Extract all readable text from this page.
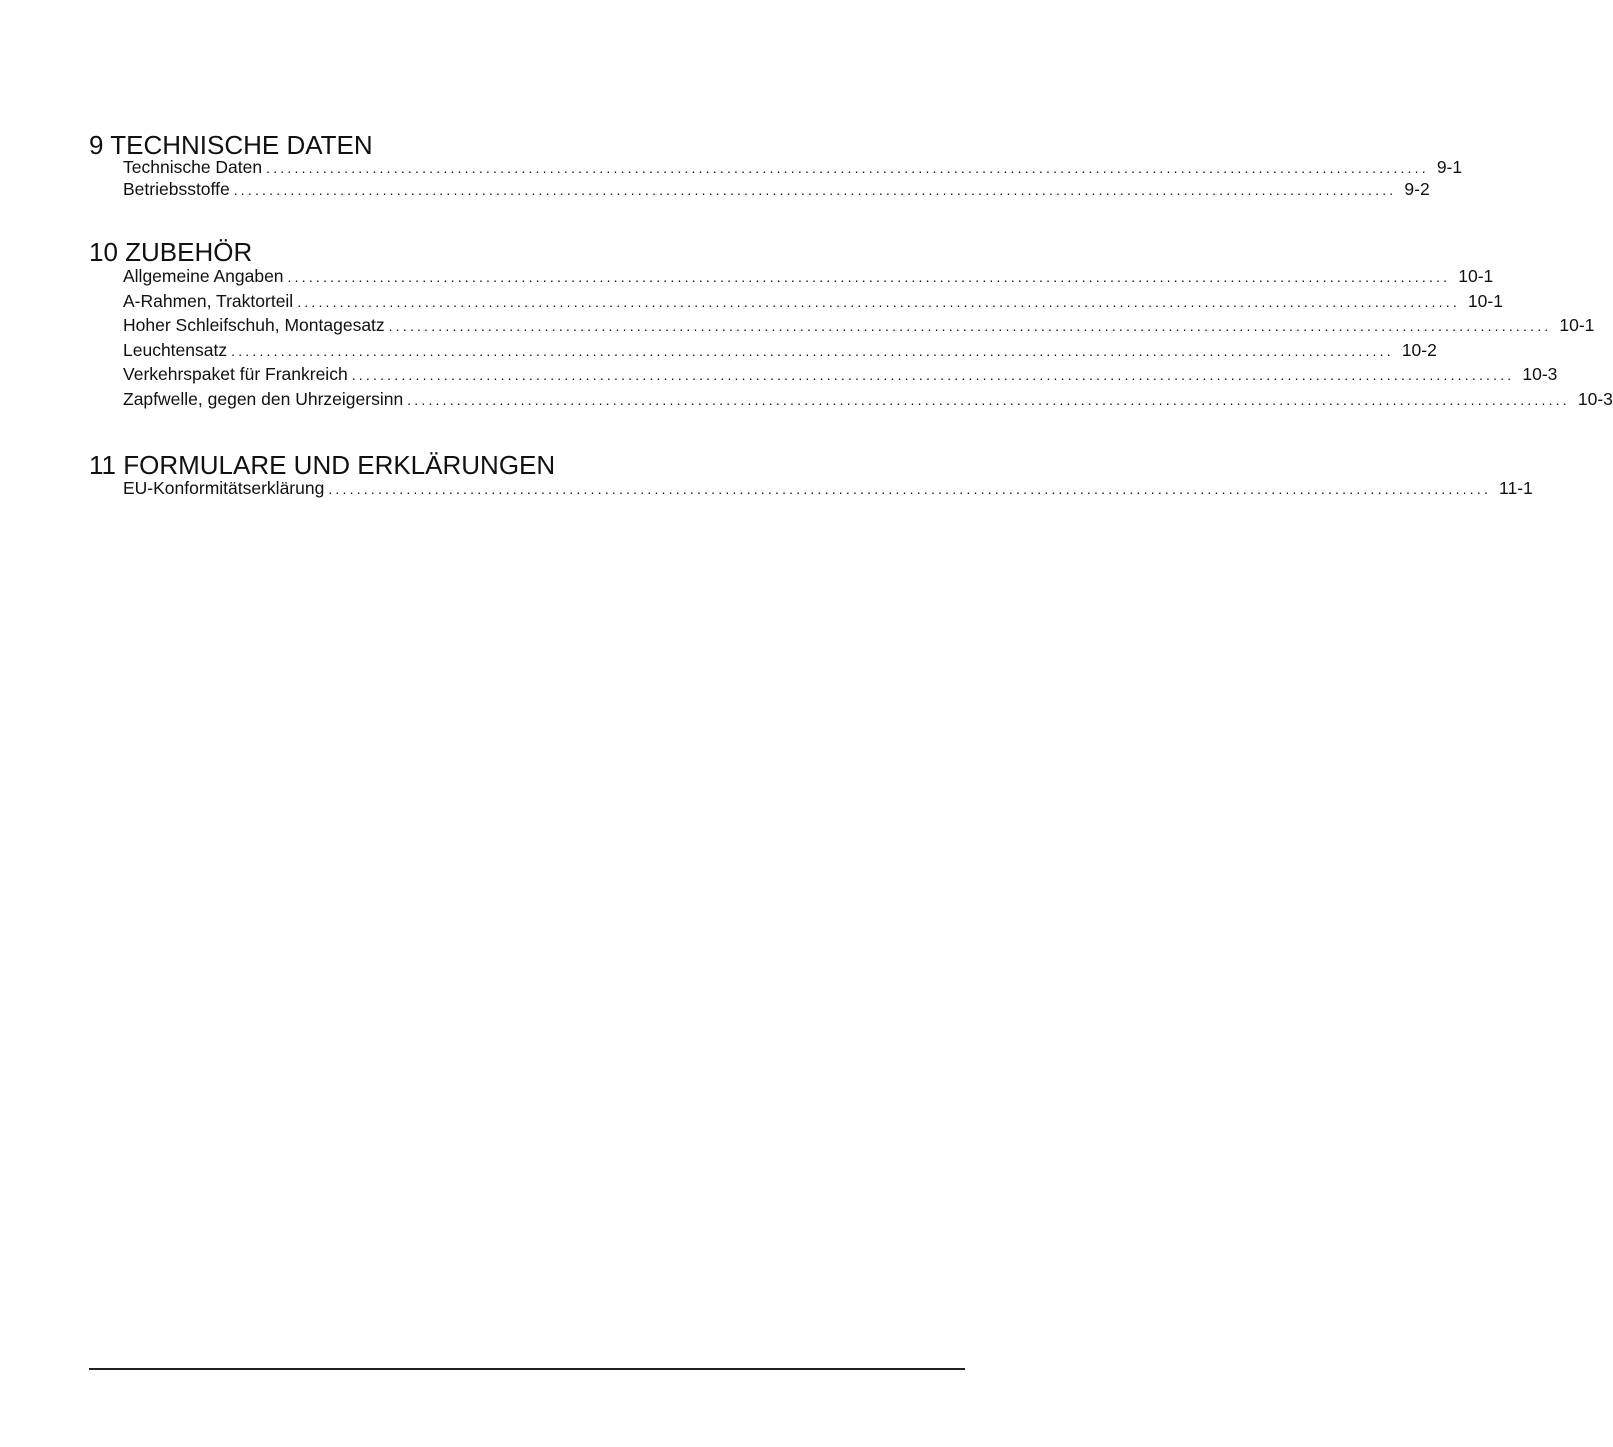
9 TECHNISCHE DATEN
Technische Daten .................................................................................................................................................................... 9-1
Betriebsstoffe .................................................................................................................................................................... 9-2
10 ZUBEHÖR
Allgemeine Angaben .................................................................................................................................................................... 10-1
A-Rahmen, Traktorteil .................................................................................................................................................................... 10-1
Hoher Schleifschuh, Montagesatz .................................................................................................................................................................... 10-1
Leuchtensatz .................................................................................................................................................................... 10-2
Verkehrspaket für Frankreich .................................................................................................................................................................... 10-3
Zapfwelle, gegen den Uhrzeigersinn .................................................................................................................................................................... 10-3
11 FORMULARE UND ERKLÄRUNGEN
EU-Konformitätserklärung .................................................................................................................................................................... 11-1
